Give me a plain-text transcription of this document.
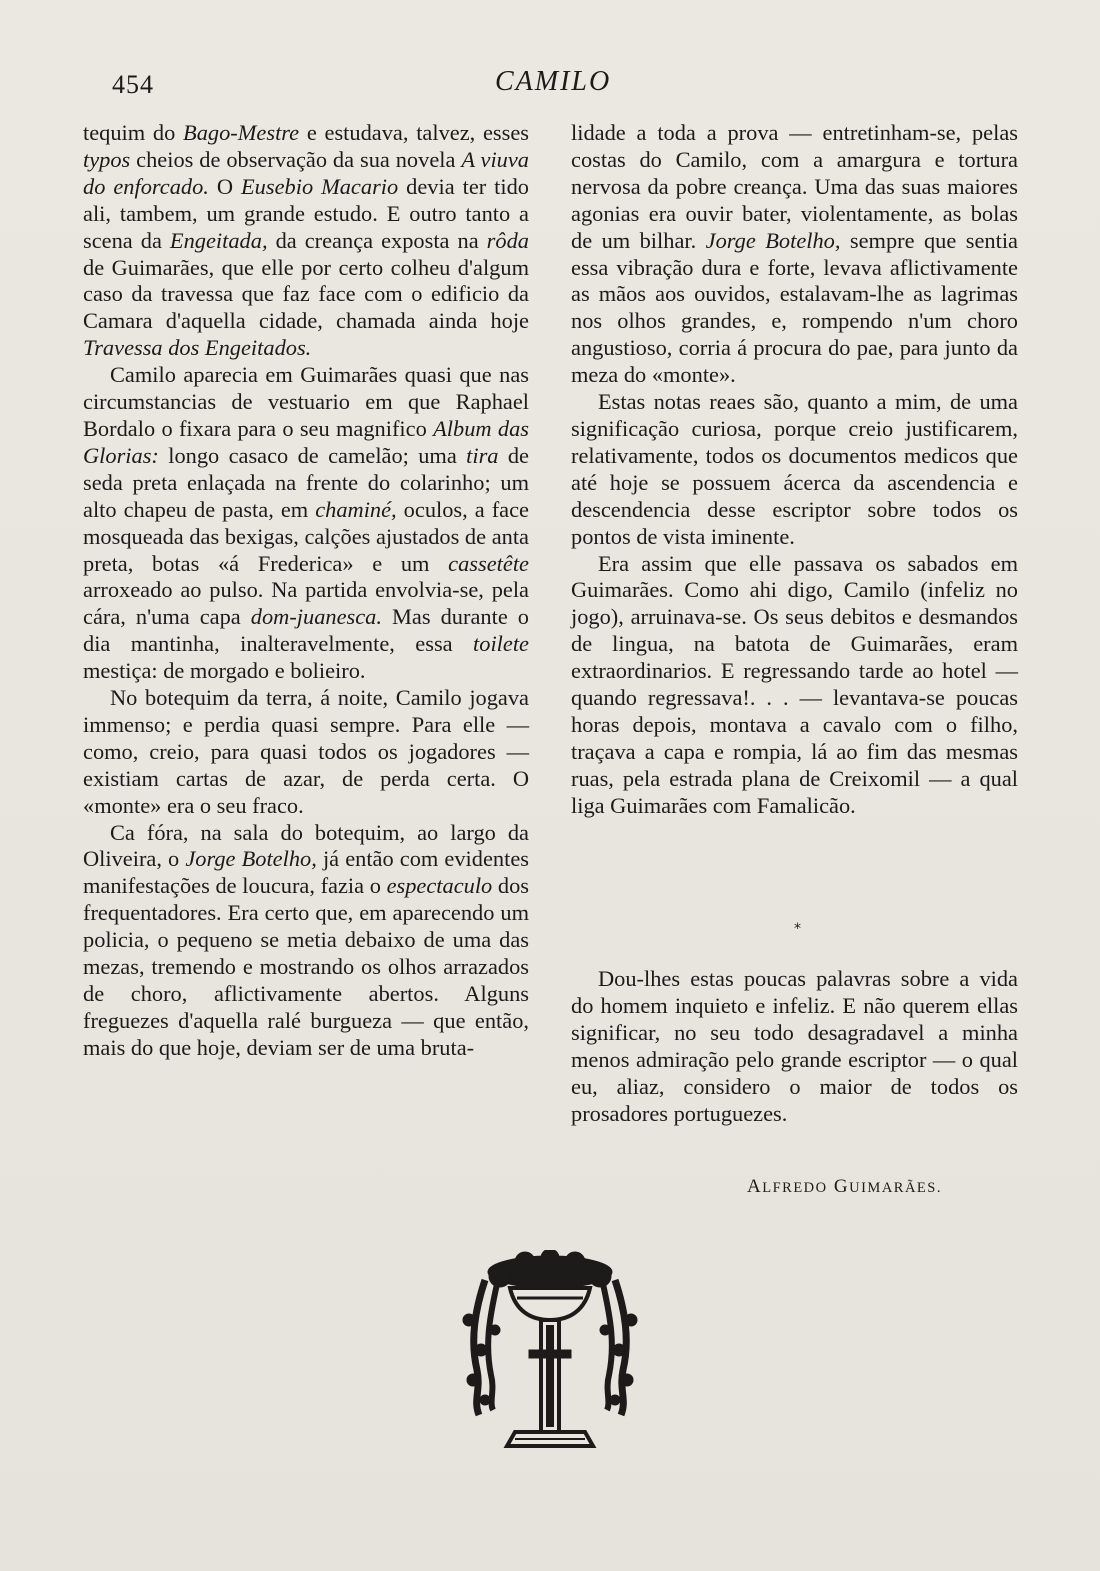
454	CAMILO

tequim do Bago-Mestre e estudava, talvez, esses typos cheios de observação da sua novela A viuva do enforcado. O Eusebio Macario devia ter tido ali, tambem, um grande estudo. E outro tanto a scena da Engeitada, da creança exposta na rôda de Guimarães, que elle por certo colheu d'algum caso da travessa que faz face com o edificio da Camara d'aquella cidade, chamada ainda hoje Travessa dos Engeitados.

Camilo aparecia em Guimarães quasi que nas circumstancias de vestuario em que Raphael Bordalo o fixara para o seu magnifico Album das Glorias: longo casaco de camelão; uma tira de seda preta enlaçada na frente do colarinho; um alto chapeu de pasta, em chaminé, oculos, a face mosqueada das bexigas, calções ajustados de anta preta, botas «á Frederica» e um cassetête arroxeado ao pulso. Na partida envolvia-se, pela cára, n'uma capa dom-juanesca. Mas durante o dia mantinha, inalteravelmente, essa toilete mestiça: de morgado e bolieiro.

No botequim da terra, á noite, Camilo jogava immenso; e perdia quasi sempre. Para elle — como, creio, para quasi todos os jogadores — existiam cartas de azar, de perda certa. O «monte» era o seu fraco.

Ca fóra, na sala do botequim, ao largo da Oliveira, o Jorge Botelho, já então com evidentes manifestações de loucura, fazia o espectaculo dos frequentadores. Era certo que, em aparecendo um policia, o pequeno se metia debaixo de uma das mezas, tremendo e mostrando os olhos arrazados de choro, aflictivamente abertos. Alguns freguezes d'aquella ralé burgueza — que então, mais do que hoje, deviam ser de uma bruta-

lidade a toda a prova — entretinham-se, pelas costas do Camilo, com a amargura e tortura nervosa da pobre creança. Uma das suas maiores agonias era ouvir bater, violentamente, as bolas de um bilhar. Jorge Botelho, sempre que sentia essa vibração dura e forte, levava aflictivamente as mãos aos ouvidos, estalavam-lhe as lagrimas nos olhos grandes, e, rompendo n'um choro angustioso, corria á procura do pae, para junto da meza do «monte».

Estas notas reaes são, quanto a mim, de uma significação curiosa, porque creio justificarem, relativamente, todos os documentos medicos que até hoje se possuem ácerca da ascendencia e descendencia desse escriptor sobre todos os pontos de vista iminente.

Era assim que elle passava os sabados em Guimarães. Como ahi digo, Camilo (infeliz no jogo), arruinava-se. Os seus debitos e desmandos de lingua, na batota de Guimarães, eram extraordinarios. E regressando tarde ao hotel — quando regressava!. . . — levantava-se poucas horas depois, montava a cavalo com o filho, traçava a capa e rompia, lá ao fim das mesmas ruas, pela estrada plana de Creixomil — a qual liga Guimarães com Famalicão.

*

Dou-lhes estas poucas palavras sobre a vida do homem inquieto e infeliz. E não querem ellas significar, no seu todo desagradavel a minha menos admiração pelo grande escriptor — o qual eu, aliaz, considero o maior de todos os prosadores portuguezes.

ALFREDO GUIMARÃES.
